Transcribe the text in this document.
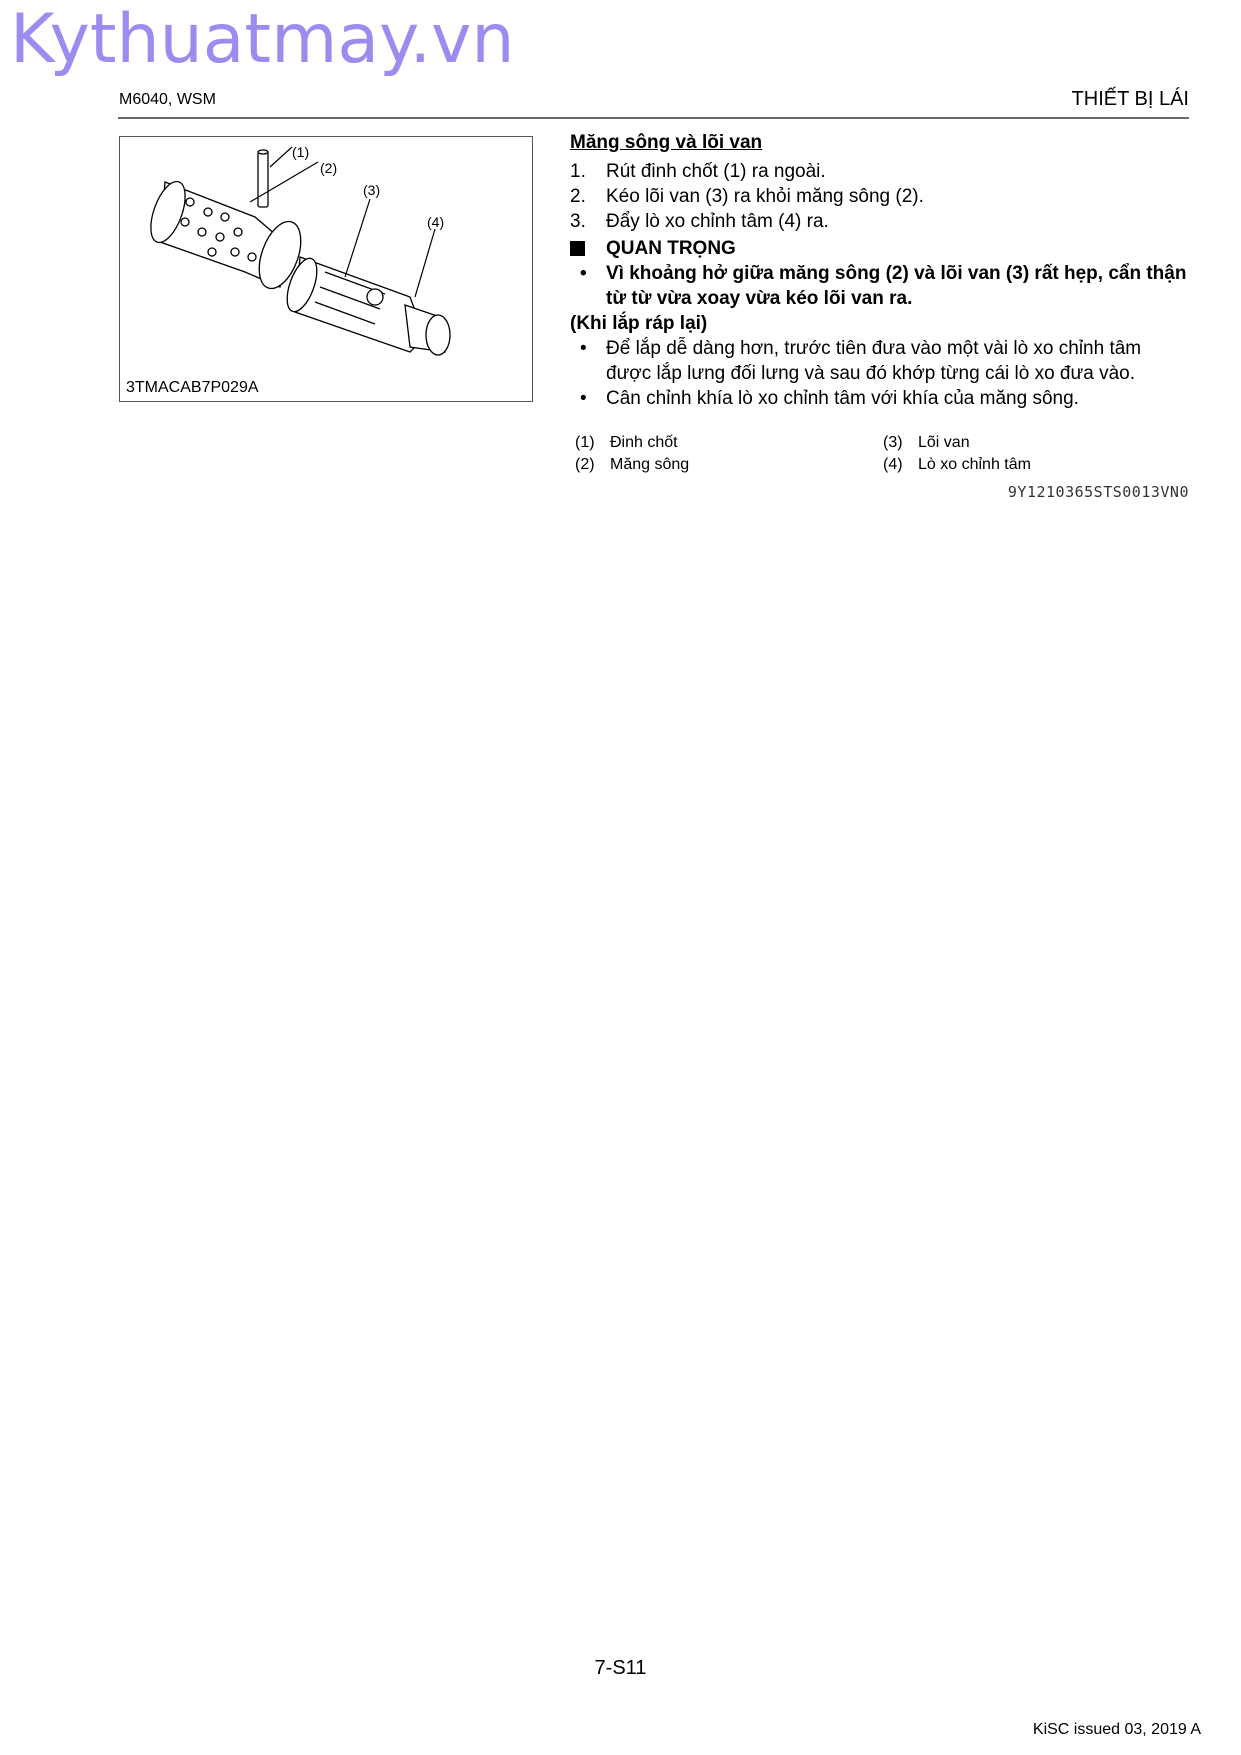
Kythuatmay.vn
M6040, WSM	THIẾT BỊ LÁI
(1)
(2)
(3)
(4)
3TMACAB7P029A
Măng sông và lõi van
1. Rút đinh chốt (1) ra ngoài.
2. Kéo lõi van (3) ra khỏi măng sông (2).
3. Đẩy lò xo chỉnh tâm (4) ra.
QUAN TRỌNG
• Vì khoảng hở giữa măng sông (2) và lõi van (3) rất hẹp, cẩn thận từ từ vừa xoay vừa kéo lõi van ra.
(Khi lắp ráp lại)
• Để lắp dễ dàng hơn, trước tiên đưa vào một vài lò xo chỉnh tâm được lắp lưng đối lưng và sau đó khớp từng cái lò xo đưa vào.
• Cân chỉnh khía lò xo chỉnh tâm với khía của măng sông.
(1) Đinh chốt
(2) Măng sông
(3) Lõi van
(4) Lò xo chỉnh tâm
9Y1210365STS0013VN0
7-S11
KiSC issued 03, 2019 A
